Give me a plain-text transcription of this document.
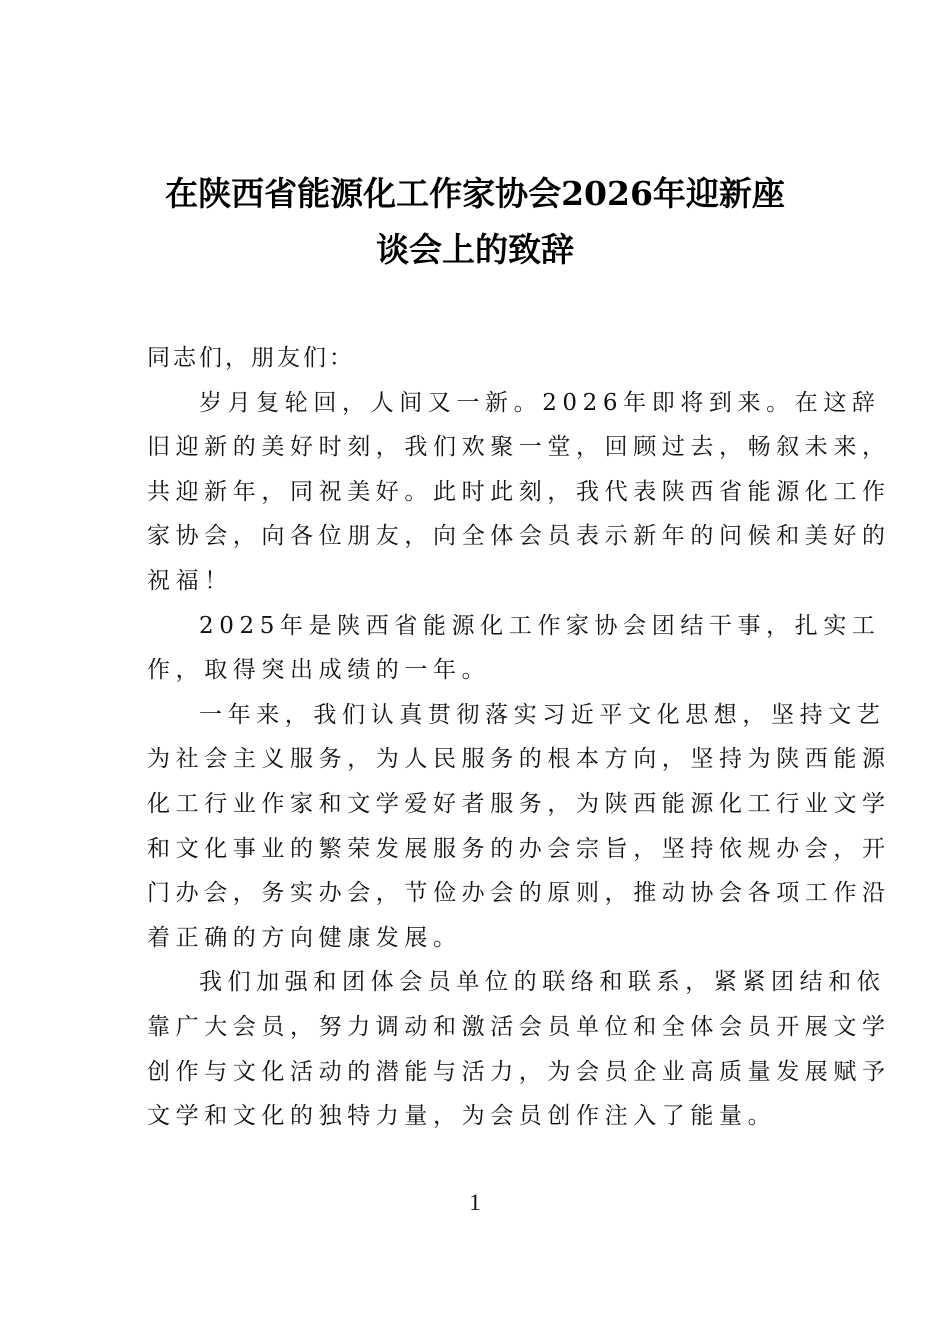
在陕西省能源化工作家协会2026年迎新座
谈会上的致辞

同志们，朋友们：

岁月复轮回，人间又一新。2026年即将到来。在这辞
旧迎新的美好时刻，我们欢聚一堂，回顾过去，畅叙未来，
共迎新年，同祝美好。此时此刻，我代表陕西省能源化工作
家协会，向各位朋友，向全体会员表示新年的问候和美好的
祝福！
2025年是陕西省能源化工作家协会团结干事，扎实工
作，取得突出成绩的一年。
一年来，我们认真贯彻落实习近平文化思想，坚持文艺
为社会主义服务，为人民服务的根本方向，坚持为陕西能源
化工行业作家和文学爱好者服务，为陕西能源化工行业文学
和文化事业的繁荣发展服务的办会宗旨，坚持依规办会，开
门办会，务实办会，节俭办会的原则，推动协会各项工作沿
着正确的方向健康发展。
我们加强和团体会员单位的联络和联系，紧紧团结和依
靠广大会员，努力调动和激活会员单位和全体会员开展文学
创作与文化活动的潜能与活力，为会员企业高质量发展赋予
文学和文化的独特力量，为会员创作注入了能量。
1
